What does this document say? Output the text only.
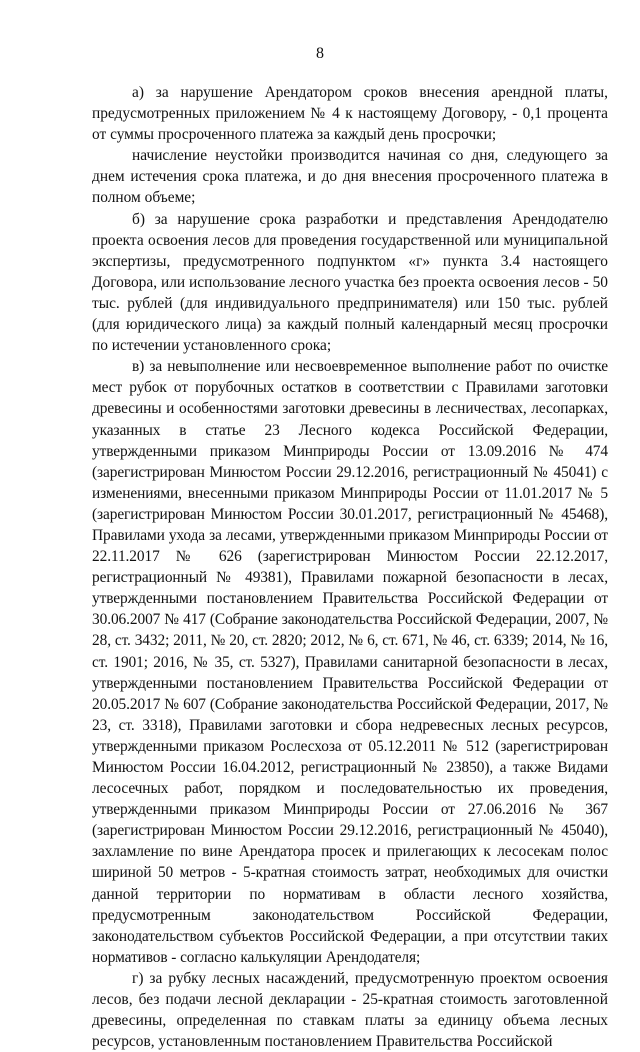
8

а) за нарушение Арендатором сроков внесения арендной платы, предусмотренных приложением № 4 к настоящему Договору, - 0,1 процента от суммы просроченного платежа за каждый день просрочки;

начисление неустойки производится начиная со дня, следующего за днем истечения срока платежа, и до дня внесения просроченного платежа в полном объеме;

б) за нарушение срока разработки и представления Арендодателю проекта освоения лесов для проведения государственной или муниципальной экспертизы, предусмотренного подпунктом «г» пункта 3.4 настоящего Договора, или использование лесного участка без проекта освоения лесов - 50 тыс. рублей (для индивидуального предпринимателя) или 150 тыс. рублей (для юридического лица) за каждый полный календарный месяц просрочки по истечении установленного срока;

в) за невыполнение или несвоевременное выполнение работ по очистке мест рубок от порубочных остатков в соответствии с Правилами заготовки древесины и особенностями заготовки древесины в лесничествах, лесопарках, указанных в статье 23 Лесного кодекса Российской Федерации, утвержденными приказом Минприроды России от 13.09.2016 № 474 (зарегистрирован Минюстом России 29.12.2016, регистрационный № 45041) с изменениями, внесенными приказом Минприроды России от 11.01.2017 № 5 (зарегистрирован Минюстом России 30.01.2017, регистрационный № 45468), Правилами ухода за лесами, утвержденными приказом Минприроды России от 22.11.2017 № 626 (зарегистрирован Минюстом России 22.12.2017, регистрационный № 49381), Правилами пожарной безопасности в лесах, утвержденными постановлением Правительства Российской Федерации от 30.06.2007 № 417 (Собрание законодательства Российской Федерации, 2007, № 28, ст. 3432; 2011, № 20, ст. 2820; 2012, № 6, ст. 671, № 46, ст. 6339; 2014, № 16, ст. 1901; 2016, № 35, ст. 5327), Правилами санитарной безопасности в лесах, утвержденными постановлением Правительства Российской Федерации от 20.05.2017 № 607 (Собрание законодательства Российской Федерации, 2017, № 23, ст. 3318), Правилами заготовки и сбора недревесных лесных ресурсов, утвержденными приказом Рослесхоза от 05.12.2011 № 512 (зарегистрирован Минюстом России 16.04.2012, регистрационный № 23850), а также Видами лесосечных работ, порядком и последовательностью их проведения, утвержденными приказом Минприроды России от 27.06.2016 № 367 (зарегистрирован Минюстом России 29.12.2016, регистрационный № 45040), захламление по вине Арендатора просек и прилегающих к лесосекам полос шириной 50 метров - 5-кратная стоимость затрат, необходимых для очистки данной территории по нормативам в области лесного хозяйства, предусмотренным законодательством Российской Федерации, законодательством субъектов Российской Федерации, а при отсутствии таких нормативов - согласно калькуляции Арендодателя;

г) за рубку лесных насаждений, предусмотренную проектом освоения лесов, без подачи лесной декларации - 25-кратная стоимость заготовленной древесины, определенная по ставкам платы за единицу объема лесных ресурсов, установленным постановлением Правительства Российской
